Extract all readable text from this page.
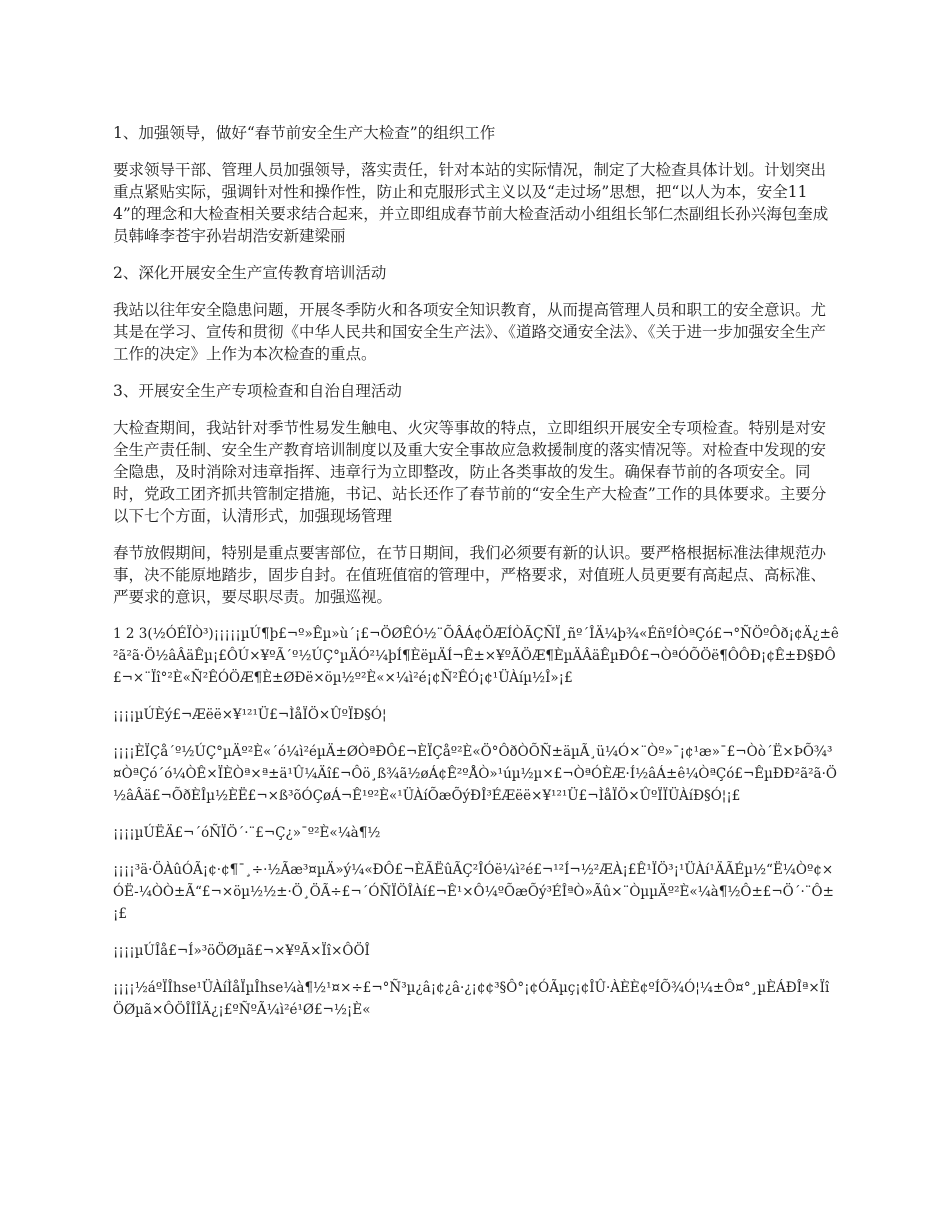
1、加强领导，做好“春节前安全生产大检查”的组织工作
要求领导干部、管理人员加强领导，落实责任，针对本站的实际情况，制定了大检查具体计划。计划突出重点紧贴实际，强调针对性和操作性，防止和克服形式主义以及“走过场”思想，把“以人为本，安全114”的理念和大检查相关要求结合起来，并立即组成春节前大检查活动小组组长邹仁杰副组长孙兴海包奎成员韩峰李苍宇孙岩胡浩安新建梁丽
2、深化开展安全生产宣传教育培训活动
我站以往年安全隐患问题，开展冬季防火和各项安全知识教育，从而提高管理人员和职工的安全意识。尤其是在学习、宣传和贯彻《中华人民共和国安全生产法》、《道路交通安全法》、《关于进一步加强安全生产工作的决定》上作为本次检查的重点。
3、开展安全生产专项检查和自治自理活动
大检查期间，我站针对季节性易发生触电、火灾等事故的特点，立即组织开展安全专项检查。特别是对安全生产责任制、安全生产教育培训制度以及重大安全事故应急救援制度的落实情况等。对检查中发现的安全隐患，及时消除对违章指挥、违章行为立即整改，防止各类事故的发生。确保春节前的各项安全。同时，党政工团齐抓共管制定措施，书记、站长还作了春节前的“安全生产大检查”工作的具体要求。主要分以下七个方面，认清形式，加强现场管理
春节放假期间，特别是重点要害部位，在节日期间，我们必须要有新的认识。要严格根据标准法律规范办事，决不能原地踏步，固步自封。在值班值宿的管理中，严格要求，对值班人员更要有高起点、高标准、严要求的意识，要尽职尽责。加强巡视。
1 2 3(½ÓÉÏÒ³)¡¡¡¡¡µÚ¶þ£¬º»Êµ»ù´¡£¬ÖØÊÓ½¨ÕÂÁ¢ÖÆÍÒÃÇÑÏ¸ñº´ÎÄ¼þ¾«ÉñºÍÒªÇó£¬°ÑÖºÔð¡¢Ä¿±ê²ã²ã·Ö½âÂäÊµ¡£ÔÚ×¥ºÃ´º½ÚÇ°µÄÓ²¼þÍ¶ÈëµÄÍ¬Ê±×¥ºÃÖÆ¶ÈµÄÂäÊµÐÔ£¬ÒªÓÕÖë¶ÔÔÐ¡¢Ê±Ð§ÐÔ£¬×¨Ïî°²È«Ñ²ÊÓÖÆ¶È±ØÐë×öµ½º²È«×¼ì²é¡¢Ñ²ÊÓ¡¢¹ÜÀíµ½Î»¡£
¡¡¡¡µÚÈý£¬Æëë×¥¹²¹Ü£¬ÌåÏÖ×ÛºÏÐ§Ó¦
¡¡¡¡ÈÏÇå´º½ÚÇ°µÄº²È«´ó¼ì²éµÄ±ØÒªÐÔ£¬ÈÏÇåº²È«Ö°ÔðÒÕÑ±äµÃ¸ü¼Ó×¨Òº»¯¡¢¹æ»¯£¬Òò´Ë×ÞÕ¾³¤ÒªÇó´ó¼ÒÊ×ÏÈÒª×ª±ä¹Û¼Äî£¬Ôö¸ß¾ã½øÁ¢Ê²ºÅÒ»¹úµ½µ×£¬ÒªÓÈÆ·Í½âÁ±ê¼ÒªÇó£¬ÊµÐÐ²ã²ã·Ö½âÂä£¬ÕðÈÎµ½ÈË£¬×ß³õÓÇøÁ¬Ê¹º²È«¹ÜÀíÕæÕýÐÎ³ÉÆëë×¥¹²¹Ü£¬ÌåÏÖ×ÛºÏÏÜÀíÐ§Ó¦¡£
¡¡¡¡µÚËÄ£¬´óÑÏÖ´·¨£¬Ç¿»¯º²È«¼à¶½
¡¡¡¡³ä·ÖÀûÓÃ¡¢·¢¶¯¸÷·½Ãæ³¤µÄ»ý¼«ÐÔ£¬ÈÃËûÃÇ²ÎÓë¼ì²é£¬¹²Í¬½²ÆÀ¡£Ê¹ÏÖ³¡¹ÜÀí¹ÄÃÉµ½“Ë¼Òº¢×ÓË-¼ÒÒ±Ã“£¬×öµ½½±·Ö¸ÖÃ÷£¬´ÓÑÏÖÎÀí£¬Ê¹×Ô¼ºÕæÕý³ÉÎªÒ»Ãû×¨ÒµµÄº²È«¼à¶½Ô±£¬Ö´·¨Ô±¡£
¡¡¡¡µÚÎå£¬Í»³öÖØµã£¬×¥ºÃ×Ïî×ÔÖÎ
¡¡¡¡½áºÏÎhse¹ÜÀíÌåÏµÎhse¼à¶½¹¤×÷£¬°Ñ³µ¿â¡¢¿â·¿¡¢¢³§Ô°¡¢ÓÃµç¡¢ÎÛ·ÀÈÈ¢ºÍÕ¾Ó¦¼±Ô¤°¸µÈÁÐÎª×ÏîÖØµã×ÔÖÎÎÎÄ¿¡£ºÑºÃ¼ì²é¹Ø£¬½¡È«
